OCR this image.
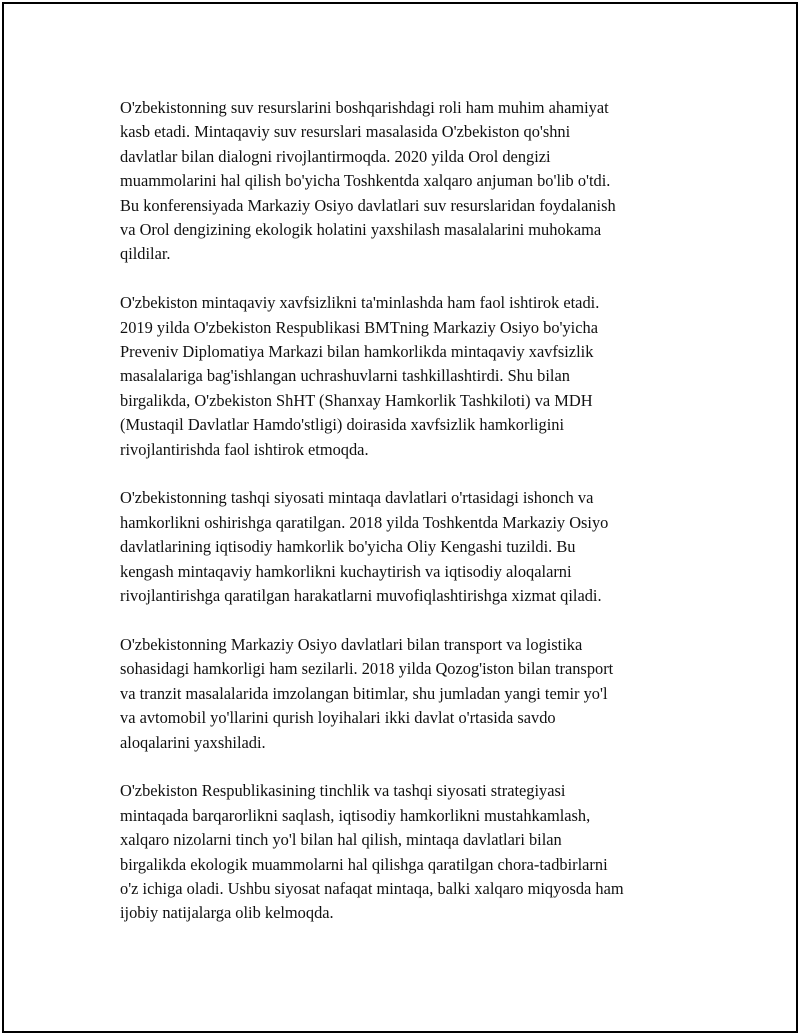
O'zbekistonning suv resurslarini boshqarishdagi roli ham muhim ahamiyat
kasb etadi. Mintaqaviy suv resurslari masalasida O'zbekiston qo'shni
davlatlar bilan dialogni rivojlantirmoqda. 2020 yilda Orol dengizi
muammolarini hal qilish bo'yicha Toshkentda xalqaro anjuman bo'lib o'tdi.
Bu konferensiyada Markaziy Osiyo davlatlari suv resurslaridan foydalanish
va Orol dengizining ekologik holatini yaxshilash masalalarini muhokama
qildilar.

O'zbekiston mintaqaviy xavfsizlikni ta'minlashda ham faol ishtirok etadi.
2019 yilda O'zbekiston Respublikasi BMTning Markaziy Osiyo bo'yicha
Preveniv Diplomatiya Markazi bilan hamkorlikda mintaqaviy xavfsizlik
masalalariga bag'ishlangan uchrashuvlarni tashkillashtirdi. Shu bilan
birgalikda, O'zbekiston ShHT (Shanxay Hamkorlik Tashkiloti) va MDH
(Mustaqil Davlatlar Hamdo'stligi) doirasida xavfsizlik hamkorligini
rivojlantirishda faol ishtirok etmoqda.

O'zbekistonning tashqi siyosati mintaqa davlatlari o'rtasidagi ishonch va
hamkorlikni oshirishga qaratilgan. 2018 yilda Toshkentda Markaziy Osiyo
davlatlarining iqtisodiy hamkorlik bo'yicha Oliy Kengashi tuzildi. Bu
kengash mintaqaviy hamkorlikni kuchaytirish va iqtisodiy aloqalarni
rivojlantirishga qaratilgan harakatlarni muvofiqlashtirishga xizmat qiladi.

O'zbekistonning Markaziy Osiyo davlatlari bilan transport va logistika
sohasidagi hamkorligi ham sezilarli. 2018 yilda Qozog'iston bilan transport
va tranzit masalalarida imzolangan bitimlar, shu jumladan yangi temir yo'l
va avtomobil yo'llarini qurish loyihalari ikki davlat o'rtasida savdo
aloqalarini yaxshiladi.

O'zbekiston Respublikasining tinchlik va tashqi siyosati strategiyasi
mintaqada barqarorlikni saqlash, iqtisodiy hamkorlikni mustahkamlash,
xalqaro nizolarni tinch yo'l bilan hal qilish, mintaqa davlatlari bilan
birgalikda ekologik muammolarni hal qilishga qaratilgan chora-tadbirlarni
o'z ichiga oladi. Ushbu siyosat nafaqat mintaqa, balki xalqaro miqyosda ham
ijobiy natijalarga olib kelmoqda.
